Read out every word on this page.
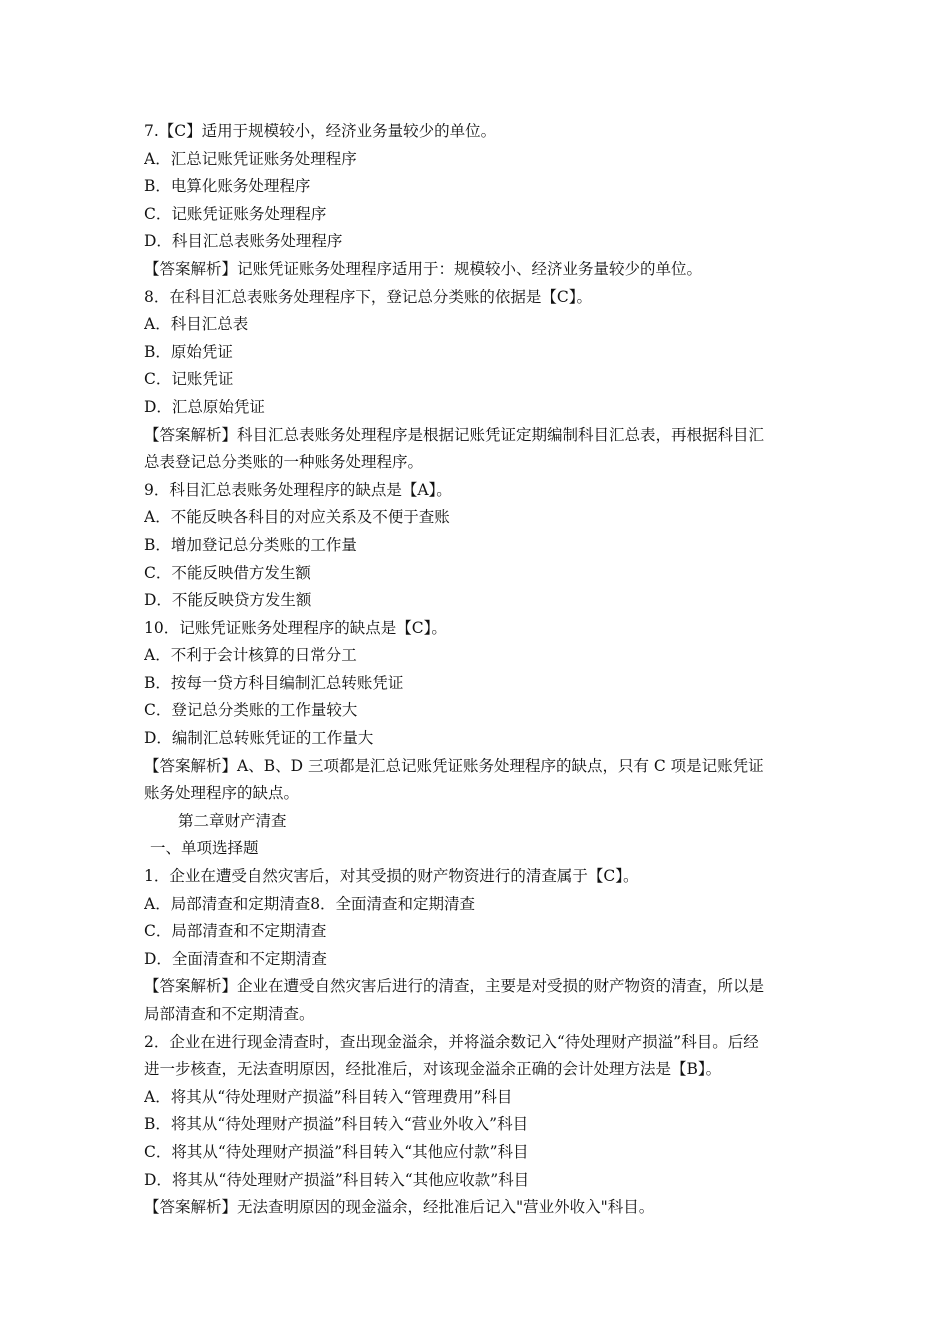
7.【C】适用于规模较小，经济业务量较少的单位。
A．汇总记账凭证账务处理程序
B．电算化账务处理程序
C．记账凭证账务处理程序
D．科目汇总表账务处理程序
【答案解析】记账凭证账务处理程序适用于：规模较小、经济业务量较少的单位。
8．在科目汇总表账务处理程序下，登记总分类账的依据是【C】。
A．科目汇总表
B．原始凭证
C．记账凭证
D．汇总原始凭证
【答案解析】科目汇总表账务处理程序是根据记账凭证定期编制科目汇总表，再根据科目汇
总表登记总分类账的一种账务处理程序。
9．科目汇总表账务处理程序的缺点是【A】。
A．不能反映各科目的对应关系及不便于查账
B．增加登记总分类账的工作量
C．不能反映借方发生额
D．不能反映贷方发生额
10．记账凭证账务处理程序的缺点是【C】。
A．不利于会计核算的日常分工
B．按每一贷方科目编制汇总转账凭证
C．登记总分类账的工作量较大
D．编制汇总转账凭证的工作量大
【答案解析】A、B、D 三项都是汇总记账凭证账务处理程序的缺点，只有 C 项是记账凭证
账务处理程序的缺点。
第二章财产清查
一、单项选择题
1．企业在遭受自然灾害后，对其受损的财产物资进行的清查属于【C】。
A．局部清查和定期清查8．全面清查和定期清查
C．局部清查和不定期清查
D．全面清查和不定期清查
【答案解析】企业在遭受自然灾害后进行的清查，主要是对受损的财产物资的清查，所以是
局部清查和不定期清查。
2．企业在进行现金清查时，查出现金溢余，并将溢余数记入“待处理财产损溢”科目。后经
进一步核查，无法查明原因，经批准后，对该现金溢余正确的会计处理方法是【B】。
A．将其从“待处理财产损溢”科目转入“管理费用”科目
B．将其从“待处理财产损溢”科目转入“营业外收入”科目
C．将其从“待处理财产损溢”科目转入“其他应付款”科目
D．将其从“待处理财产损溢”科目转入“其他应收款”科目
【答案解析】无法查明原因的现金溢余，经批准后记入"营业外收入"科目。
